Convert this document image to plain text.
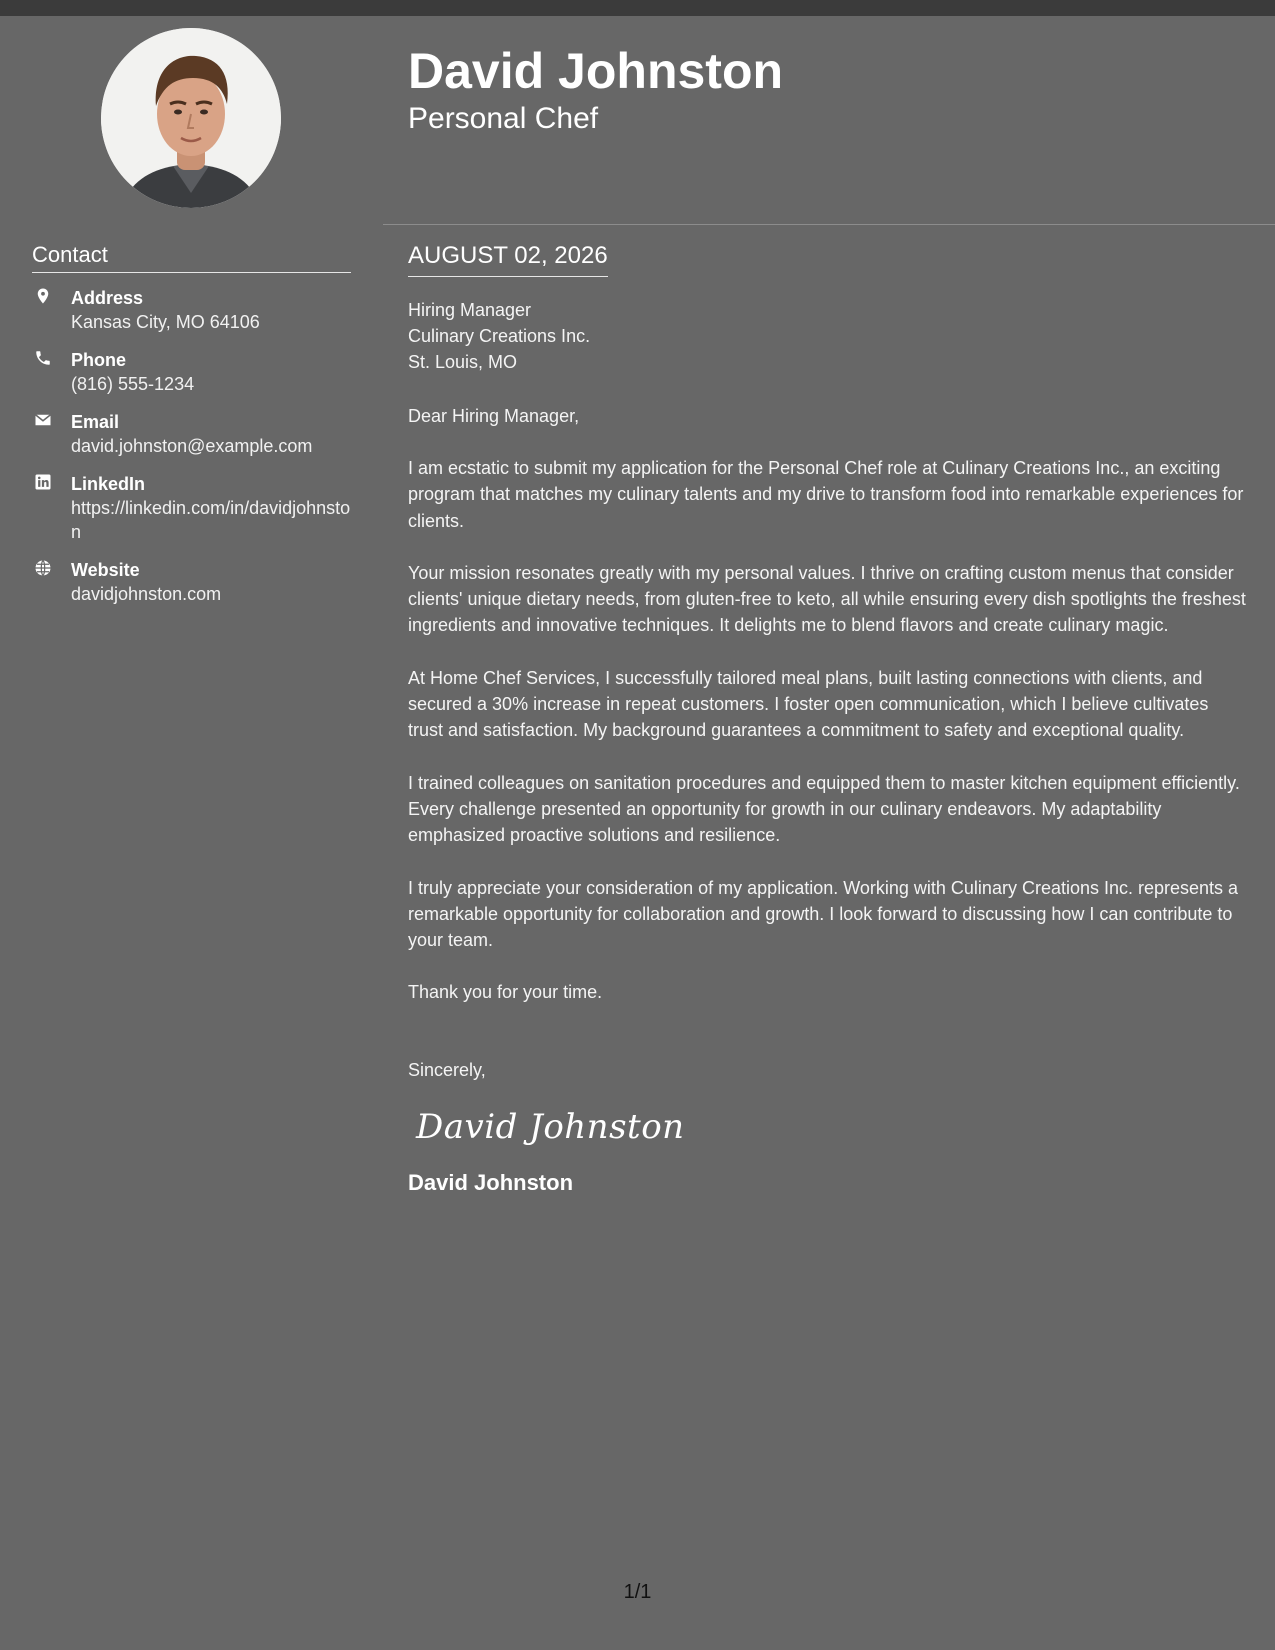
Contact
Address
Kansas City, MO 64106
Phone
(816) 555-1234
Email
david.johnston@example.com
LinkedIn
https://linkedin.com/in/davidjohnston
Website
davidjohnston.com
David Johnston
Personal Chef
AUGUST 02, 2026

Hiring Manager

Culinary Creations Inc.

St. Louis, MO

Dear Hiring Manager,

I am ecstatic to submit my application for the Personal Chef role at Culinary Creations Inc., an exciting program that matches my culinary talents and my drive to transform food into remarkable experiences for clients.

Your mission resonates greatly with my personal values. I thrive on crafting custom menus that consider clients' unique dietary needs, from gluten-free to keto, all while ensuring every dish spotlights the freshest ingredients and innovative techniques. It delights me to blend flavors and create culinary magic.

At Home Chef Services, I successfully tailored meal plans, built lasting connections with clients, and secured a 30% increase in repeat customers. I foster open communication, which I believe cultivates trust and satisfaction. My background guarantees a commitment to safety and exceptional quality.

I trained colleagues on sanitation procedures and equipped them to master kitchen equipment efficiently. Every challenge presented an opportunity for growth in our culinary endeavors. My adaptability emphasized proactive solutions and resilience.

I truly appreciate your consideration of my application. Working with Culinary Creations Inc. represents a remarkable opportunity for collaboration and growth. I look forward to discussing how I can contribute to your team.

Thank you for your time.

Sincerely,

David Johnston
David Johnston
1/1
